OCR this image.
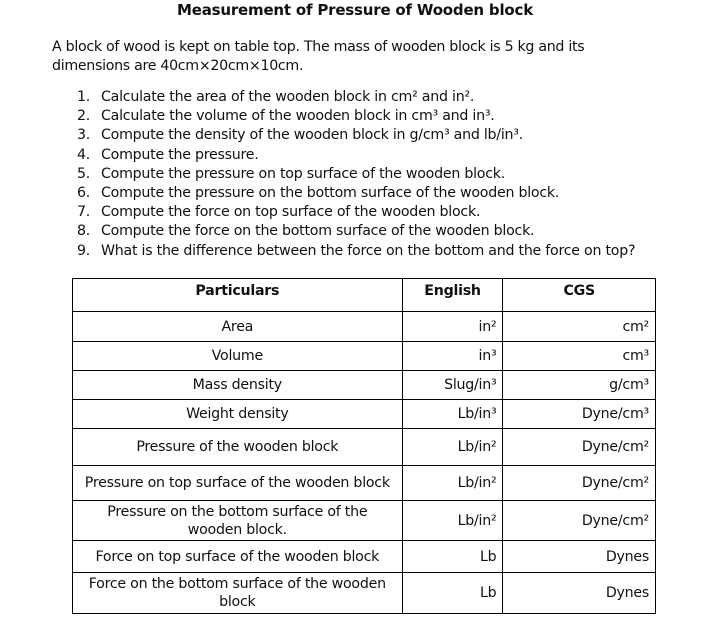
Measurement of Pressure of Wooden block
A block of wood is kept on table top. The mass of wooden block is 5 kg and its dimensions are 40cm×20cm×10cm.
1. Calculate the area of the wooden block in cm² and in².
2. Calculate the volume of the wooden block in cm³ and in³.
3. Compute the density of the wooden block in g/cm³ and lb/in³.
4. Compute the pressure.
5. Compute the pressure on top surface of the wooden block.
6. Compute the pressure on the bottom surface of the wooden block.
7. Compute the force on top surface of the wooden block.
8. Compute the force on the bottom surface of the wooden block.
9. What is the difference between the force on the bottom and the force on top?
Particulars	English	CGS
Area	in²	cm²
Volume	in³	cm³
Mass density	Slug/in³	g/cm³
Weight density	Lb/in³	Dyne/cm³
Pressure of the wooden block	Lb/in²	Dyne/cm²
Pressure on top surface of the wooden block	Lb/in²	Dyne/cm²
Pressure on the bottom surface of the wooden block.	Lb/in²	Dyne/cm²
Force on top surface of the wooden block	Lb	Dynes
Force on the bottom surface of the wooden block	Lb	Dynes
